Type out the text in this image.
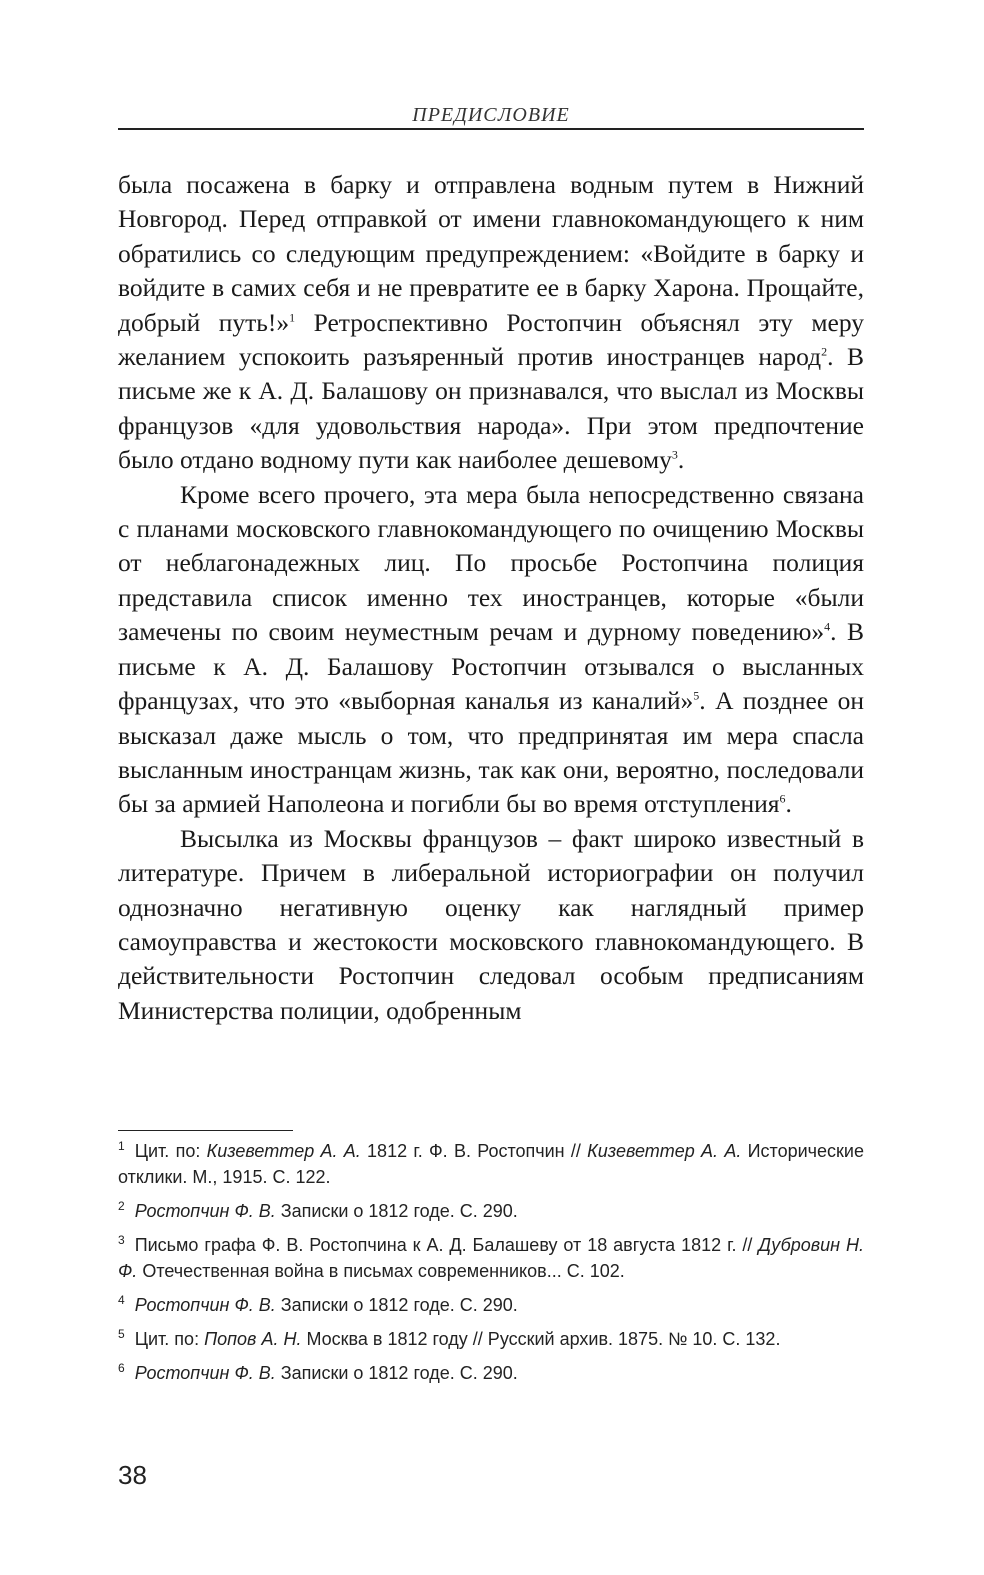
ПРЕДИСЛОВИЕ

была посажена в барку и отправлена водным путем в Нижний Новгород. Перед отправкой от имени главнокомандующего к ним обратились со следующим предупреждением: «Войдите в барку и войдите в самих себя и не превратите ее в барку Харона. Прощайте, добрый путь!»$^1$ Ретроспективно Ростопчин объяснял эту меру желанием успокоить разъяренный против иностранцев народ$^2$. В письме же к А. Д. Балашову он признавался, что выслал из Москвы французов «для удовольствия народа». При этом предпочтение было отдано водному пути как наиболее дешевому$^3$.

Кроме всего прочего, эта мера была непосредственно связана с планами московского главнокомандующего по очищению Москвы от неблагонадежных лиц. По просьбе Ростопчина полиция представила список именно тех иностранцев, которые «были замечены по своим неуместным речам и дурному поведению»$^4$. В письме к А. Д. Балашову Ростопчин отзывался о высланных французах, что это «выборная каналья из каналий»$^5$. А позднее он высказал даже мысль о том, что предпринятая им мера спасла высланным иностранцам жизнь, так как они, вероятно, последовали бы за армией Наполеона и погибли бы во время отступления$^6$.

Высылка из Москвы французов – факт широко известный в литературе. Причем в либеральной историографии он получил однозначно негативную оценку как наглядный пример самоуправства и жестокости московского главнокомандующего. В действительности Ростопчин следовал особым предписаниям Министерства полиции, одобренным

$^1$ Цит. по: Кизеветтер А. А. 1812 г. Ф. В. Ростопчин // Кизеветтер А. А. Исторические отклики. М., 1915. С. 122.

$^2$ Ростопчин Ф. В. Записки о 1812 годе. С. 290.

$^3$ Письмо графа Ф. В. Ростопчина к А. Д. Балашеву от 18 августа 1812 г. // Дубровин Н. Ф. Отечественная война в письмах современников... С. 102.

$^4$ Ростопчин Ф. В. Записки о 1812 годе. С. 290.

$^5$ Цит. по: Попов А. Н. Москва в 1812 году // Русский архив. 1875. № 10. С. 132.

$^6$ Ростопчин Ф. В. Записки о 1812 годе. С. 290.

38
